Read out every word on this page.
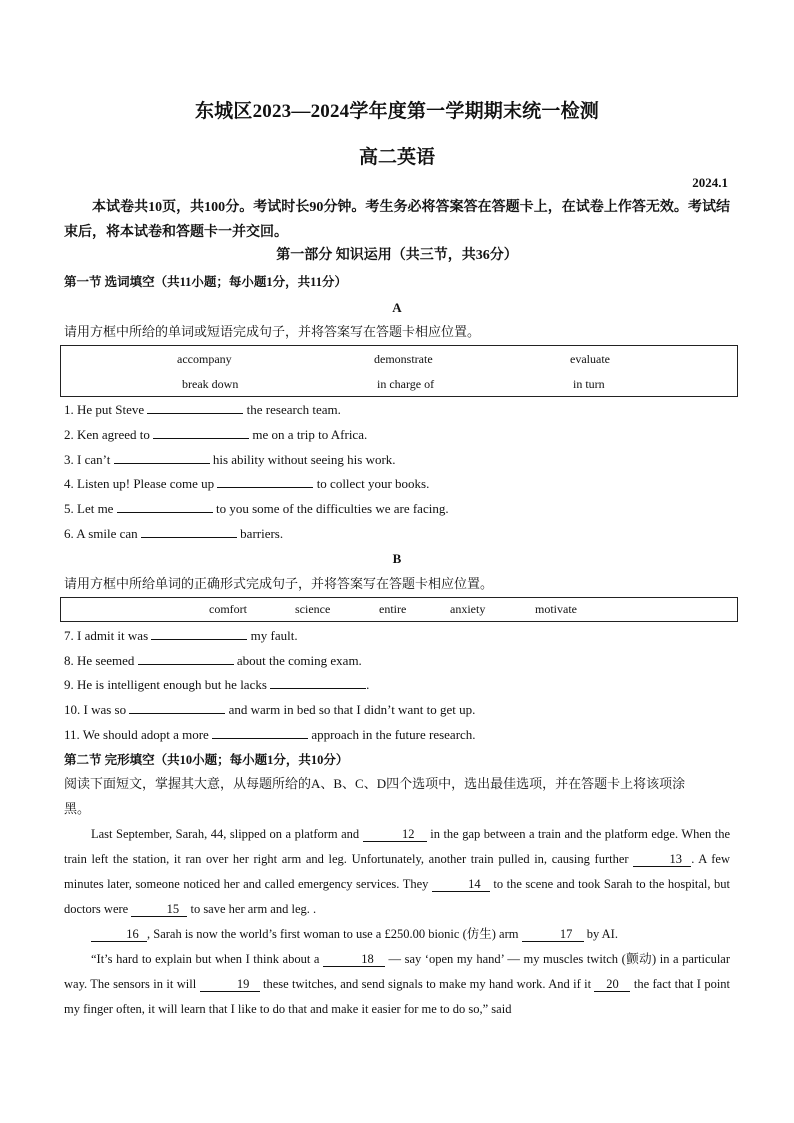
东城区2023—2024学年度第一学期期末统一检测
高二英语
2024.1
本试卷共10页，共100分。考试时长90分钟。考生务必将答案答在答题卡上，在试卷上作答无效。考试结束后，将本试卷和答题卡一并交回。
第一部分 知识运用（共三节，共36分）
第一节 选词填空（共11小题；每小题1分，共11分）
A
请用方框中所给的单词或短语完成句子，并将答案写在答题卡相应位置。
accompany	demonstrate	evaluate
break down	in charge of	in turn
1. He put Steve	the research team.
2. Ken agreed to	me on a trip to Africa.
3. I can’t	his ability without seeing his work.
4. Listen up! Please come up	to collect your books.
5. Let me	to you some of the difficulties we are facing.
6. A smile can	barriers.
B
请用方框中所给单词的正确形式完成句子，并将答案写在答题卡相应位置。
comfort	science	entire	anxiety	motivate
7. I admit it was	my fault.
8. He seemed	about the coming exam.
9. He is intelligent enough but he lacks	.
10. I was so	and warm in bed so that I didn’t want to get up.
11. We should adopt a more	approach in the future research.
第二节 完形填空（共10小题；每小题1分，共10分）
阅读下面短文，掌握其大意，从每题所给的A、B、C、D四个选项中，选出最佳选项，并在答题卡上将该项涂
黑。
Last September, Sarah, 44, slipped on a platform and	12 in the gap between a train and the platform edge. When the train left the station, it ran over her right arm and leg. Unfortunately, another train pulled in, causing further	13 . A few minutes later, someone noticed her and called emergency services. They	14 to the scene and took Sarah to the hospital, but doctors were	15 to save her arm and leg. .
16 , Sarah is now the world’s first woman to use a £250.00 bionic (仿生) arm	17 by AI.
“It’s hard to explain but when I think about a	18 — say ‘open my hand’ — my muscles twitch (颤动) in a particular way. The sensors in it will	19 these twitches, and send signals to make my hand work. And if it 20 the fact that I point my finger often, it will learn that I like to do that and make it easier for me to do so,” said
